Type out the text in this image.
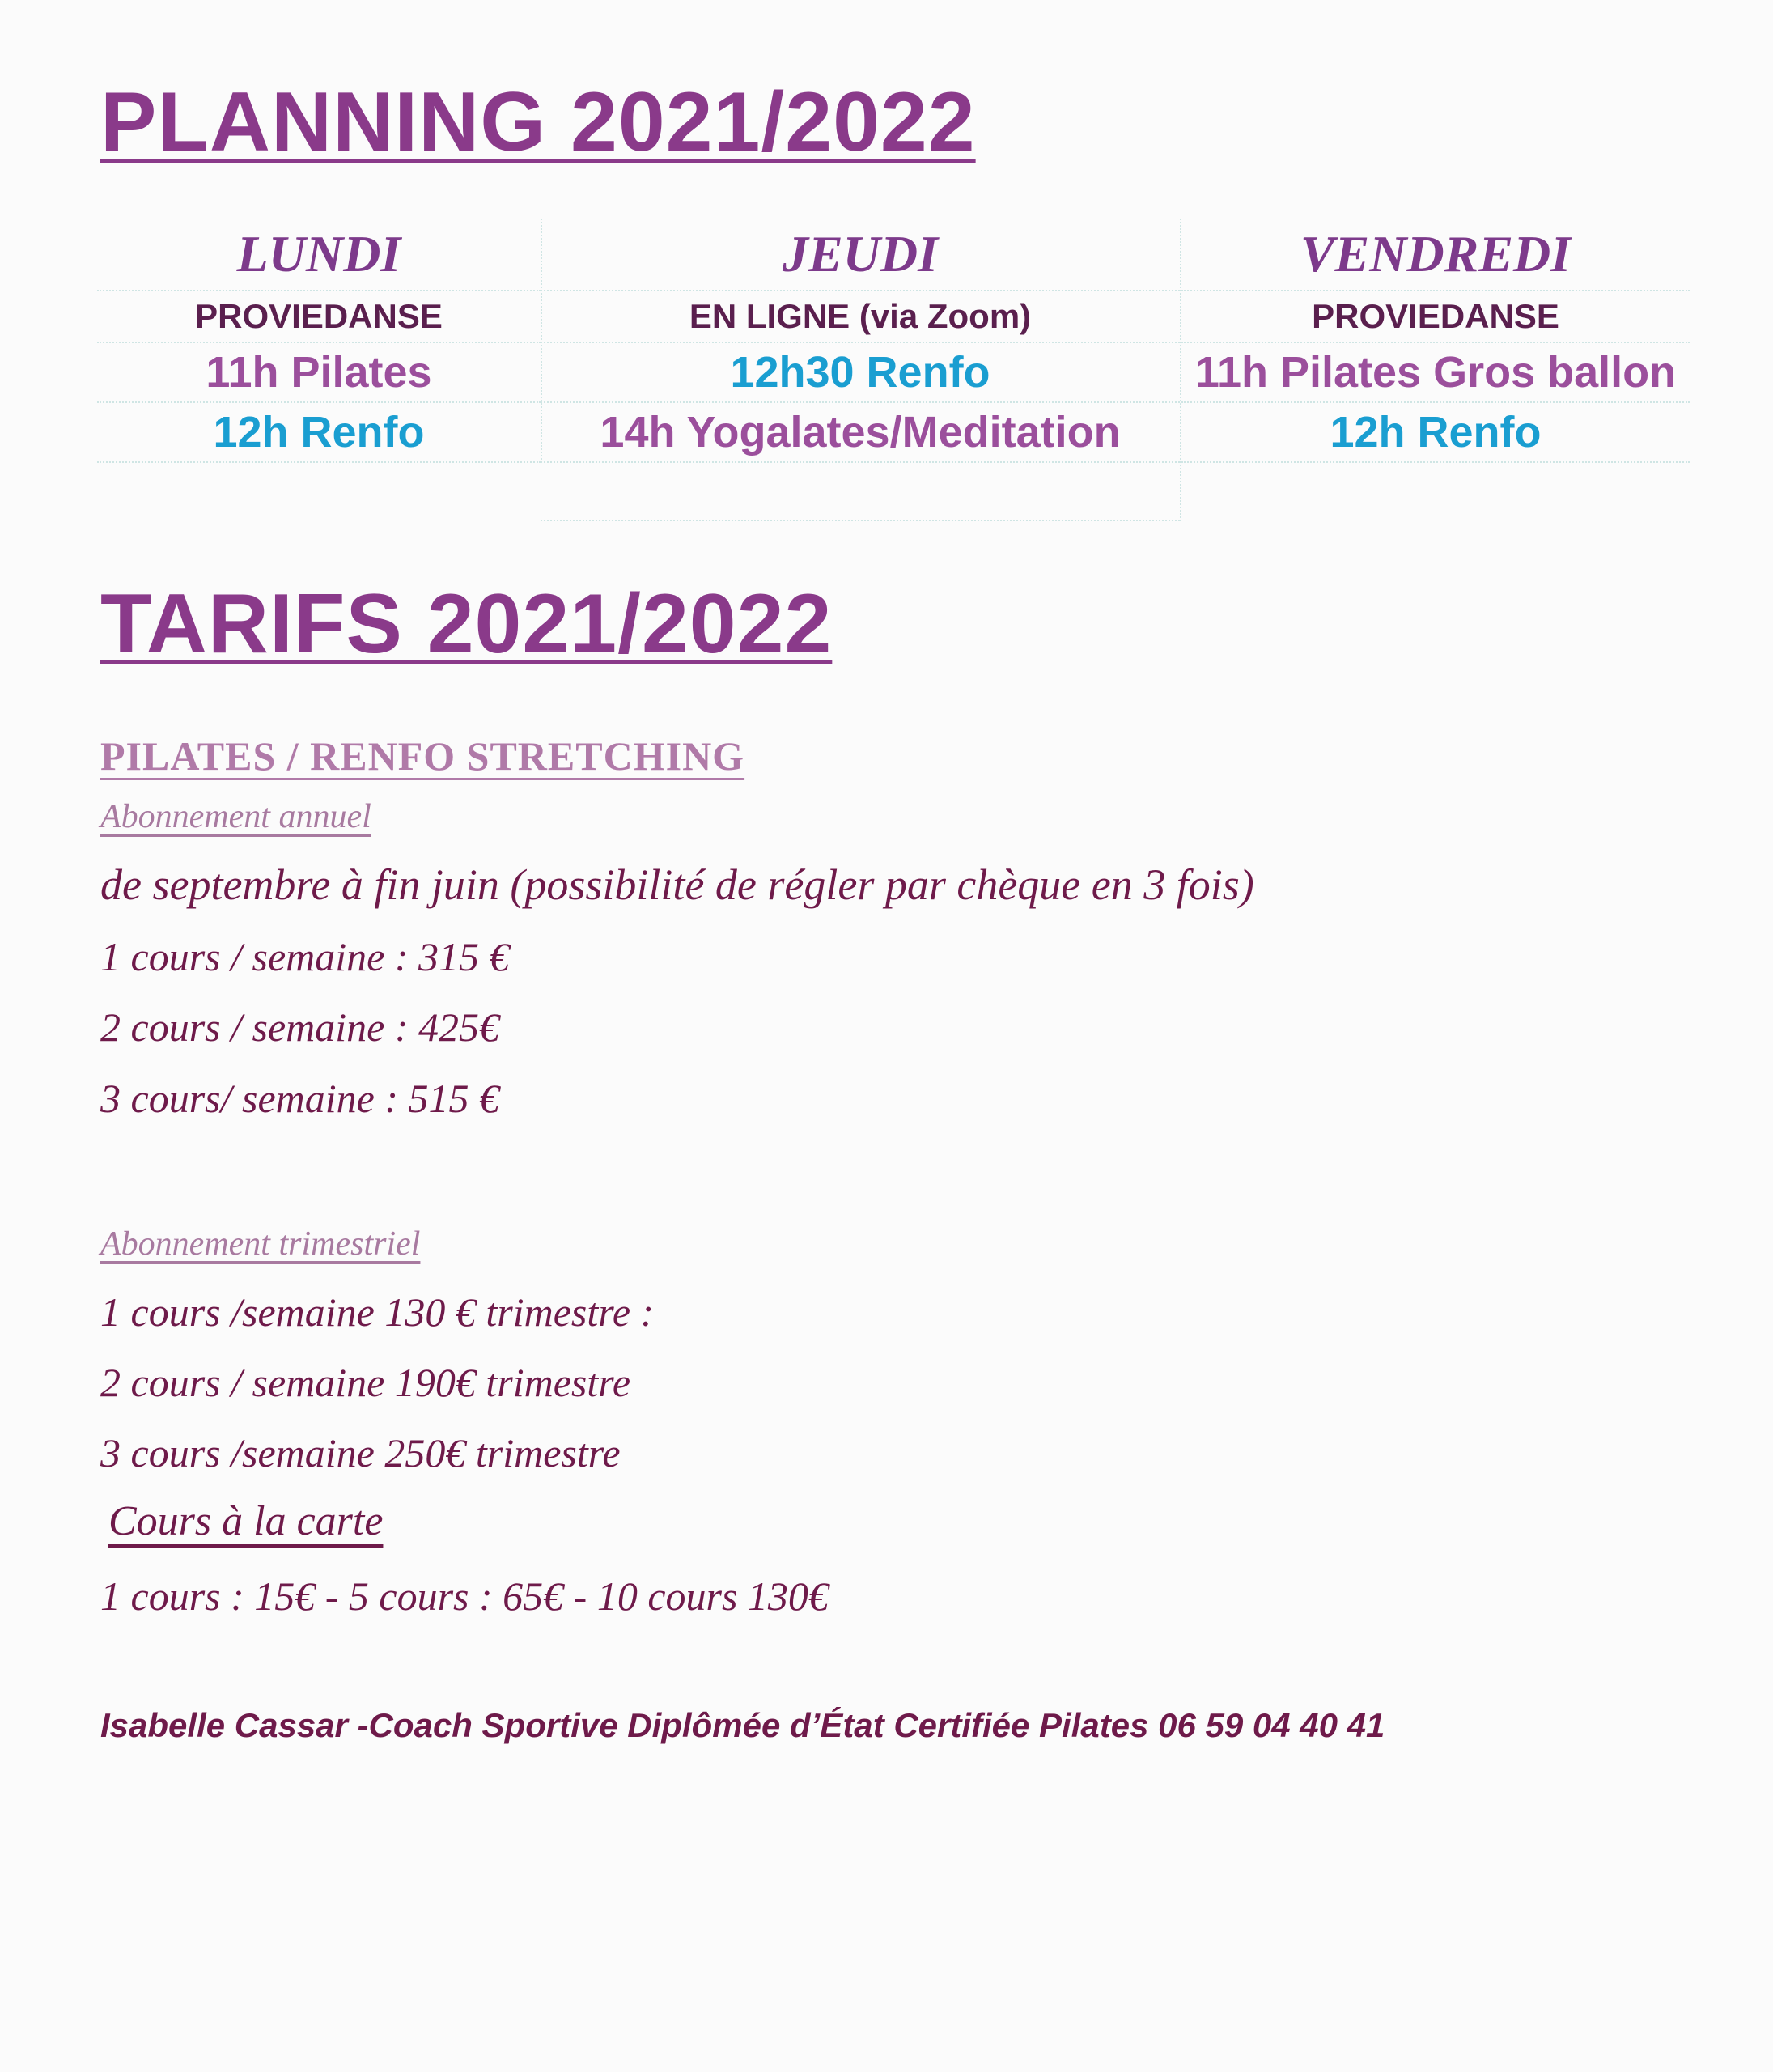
PLANNING 2021/2022
LUNDI
PROVIEDANSE
11h Pilates
12h Renfo
JEUDI
EN LIGNE (via Zoom)
12h30 Renfo
14h Yogalates/Meditation
VENDREDI
PROVIEDANSE
11h Pilates Gros ballon
12h Renfo
TARIFS 2021/2022
PILATES / RENFO STRETCHING
Abonnement annuel
de septembre à fin juin (possibilité de régler par chèque en 3 fois)
1 cours / semaine : 315 €
2 cours / semaine : 425€
3 cours/ semaine : 515 €
Abonnement trimestriel
1 cours /semaine 130 € trimestre :
2 cours / semaine 190€ trimestre
3 cours /semaine 250€ trimestre
Cours à la carte
1 cours : 15€ - 5 cours : 65€ - 10 cours 130€
Isabelle Cassar -Coach Sportive Diplômée d’État Certifiée Pilates 06 59 04 40 41
